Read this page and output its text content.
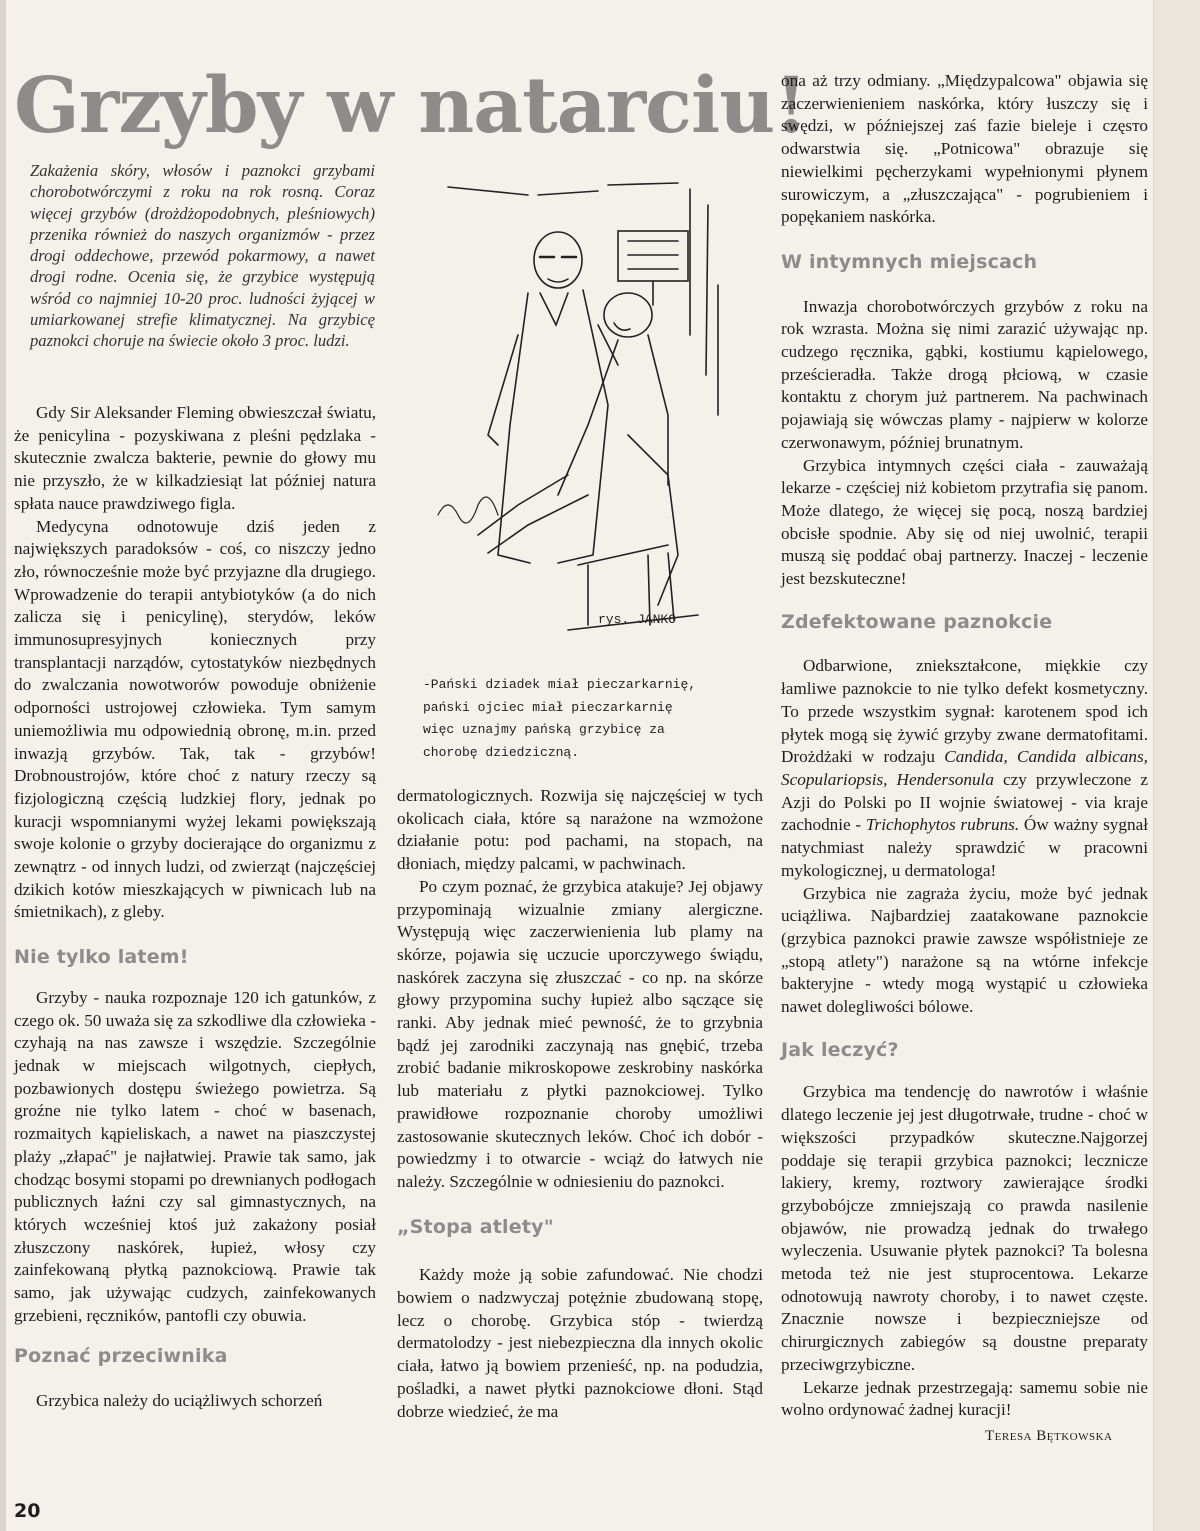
Grzyby w natarciu!

Zakażenia skóry, włosów i paznokci grzybami chorobotwórczymi z roku na rok rosną. Coraz więcej grzybów (drożdżopodobnych, pleśniowych) przenika również do naszych organizmów - przez drogi oddechowe, przewód pokarmowy, a nawet drogi rodne. Oceniа się, że grzybice występują wśród co najmniej 10-20 proc. ludności żyjącej w umiarkowanej strefie klimatycznej. Na grzybicę paznokci choruje na świecie około 3 proc. ludzi.

Gdy Sir Aleksander Fleming obwieszczał światu, że penicylina - pozyskiwana z pleśni pędzlaka - skutecznie zwalcza bakterie, pewnie do głowy mu nie przyszło, że w kilkadziesiąt lat później natura spłata nauce prawdziwego figla.

Medycyna odnotowuje dziś jeden z największych paradoksów - coś, co niszczy jedno zło, równocześnie może być przyjazne dla drugiego. Wprowadzenie do terapii antybiotyków (a do nich zalicza się i penicylinę), sterydów, leków immunosupresyjnych koniecznych przy transplantacji narządów, cytostatyków niezbędnych do zwalczania nowotworów powoduje obniżenie odporności ustrojowej człowieka. Tym samym uniemożliwia mu odpowiednią obronę, m.in. przed inwazją grzybów. Tak, tak - grzybów! Drobnoustrojów, które choć z natury rzeczy są fizjologiczną częścią ludzkiej flory, jednak po kuracji wspomnianymi wyżej lekami powiększają swoje kolonie o grzyby docierające do organizmu z zewnątrz - od innych ludzi, od zwierząt (najczęściej dzikich kotów mieszkających w piwnicach lub na śmietnikach), z gleby.

Nie tylko latem!

Grzyby - nauka rozpoznaje 120 ich gatunków, z czego ok. 50 uważa się za szkodliwe dla człowieka - czyhają na nas zawsze i wszędzie. Szczególnie jednak w miejscach wilgotnych, ciepłych, pozbawionych dostępu świeżego powietrza. Są groźne nie tylko latem - choć w basenach, rozmaitych kąpieliskach, a nawet na piaszczystej plaży „złapać" je najłatwiej. Prawie tak samo, jak chodząc bosymi stopami po drewnianych podłogach publicznych łaźni czy sal gimnastycznych, na których wcześniej ktoś już zakażony posiał złuszczony naskórek, łupież, włosy czy zainfekowaną płytką paznokciową. Prawie tak samo, jak używając cudzych, zainfekowanych grzebieni, ręczników, pantofli czy obuwia.

Poznać przeciwnika

Grzybica należy do uciążliwych schorzeń

rys. JANKO
-Pański dziadek miał pieczarkarnię,
pański ojciec miał pieczarkarnię
więc uznajmy pańską grzybicę za
chorobę dziedziczną.

dermatologicznych. Rozwija się najczęściej w tych okolicach ciała, które są narażone na wzmożone działanie potu: pod pachami, na stopach, na dłoniach, między palcami, w pachwinach.

Po czym poznać, że grzybica atakuje? Jej objawy przypominają wizualnie zmiany alergiczne. Występują więc zaczerwienienia lub plamy na skórze, pojawia się uczucie uporczywego świądu, naskórek zaczyna się złuszczać - co np. na skórze głowy przypomina suchy łupież albo sączące się ranki. Aby jednak mieć pewność, że to grzybnia bądź jej zarodniki zaczynają nas gnębić, trzeba zrobić badanie mikroskopowe zeskrobiny naskórka lub materiału z płytki paznokciowej. Tylko prawidłowe rozpoznanie choroby umożliwi zastosowanie skutecznych leków. Choć ich dobór - powiedzmy i to otwarcie - wciąż do łatwych nie należy. Szczególnie w odniesieniu do paznokci.

„Stopa atlety"

Każdy może ją sobie zafundować. Nie chodzi bowiem o nadzwyczaj potężnie zbudowaną stopę, lecz o chorobę. Grzybica stóp - twierdzą dermatolodzy - jest niebezpieczna dla innych okolic ciała, łatwo ją bowiem przenieść, np. na podudzia, pośladki, a nawet płytki paznokciowe dłoni. Stąd dobrze wiedzieć, że ma

ona aż trzy odmiany. „Międzypalcowa" objawia się zaczerwienieniem naskórka, który łuszczy się i swędzi, w późniejszej zaś fazie bieleje i częsто odwarstwia się. „Potnicowa" obrazuje się niewielkimi pęcherzykami wypełnionymi płynem surowiczym, a „złuszczająca" - pogrubieniem i popękaniem naskórka.

W intymnych miejscach

Inwazja chorobotwórczych grzybów z roku na rok wzrasta. Można się nimi zarazić używając np. cudzego ręcznika, gąbki, kostiumu kąpielowego, prześcieradła. Także drogą płciową, w czasie kontaktu z chorym już partnerem. Na pachwinach pojawiają się wówczas plamy - najpierw w kolorze czerwonawym, później brunatnym.

Grzybica intymnych części ciała - zauważają lekarze - częściej niż kobietom przytrafia się panom. Może dlatego, że więcej się pocą, noszą bardziej obcisłe spodnie. Aby się od niej uwolnić, terapii muszą się poddać obaj partnerzy. Inaczej - leczenie jest bezskuteczne!

Zdefektowane paznokcie

Odbarwione, zniekształcone, miękkie czy łamliwe paznokcie to nie tylko defekt kosmetyczny. To przede wszystkim sygnał: karotenem spod ich płytek mogą się żywić grzyby zwane dermatofitami. Drożdżaki w rodzaju Candida, Candida albicans, Scopulariopsis, Hendersonula czy przywleczone z Azji do Polski po II wojnie światowej - via kraje zachodnie - Trichophytos rubruns. Ów ważny sygnał natychmiast należy sprawdzić w pracowni mykologicznej, u dermatologa!

Grzybica nie zagraża życiu, może być jednak uciążliwa. Najbardziej zaatakowane paznokcie (grzybica paznokci prawie zawsze współistnieje ze „stopą atlety") narażone są na wtórne infekcje bakteryjne - wtedy mogą wystąpić u człowieka nawet dolegliwości bólowe.

Jak leczyć?

Grzybica ma tendencję do nawrotów i właśnie dlatego leczenie jej jest długotrwałe, trudne - choć w większości przypadków skuteczne.Najgorzej poddaje się terapii grzybica paznokci; lecznicze lakiery, kremy, roztwory zawierające środki grzybobójcze zmniejszają co prawda nasilenie objawów, nie prowadzą jednak do trwałego wyleczenia. Usuwanie płytek paznokci? Ta bolesna metoda też nie jest stuprocentowa. Lekarze odnotowują nawroty choroby, i to nawet częste. Znacznie nowsze i bezpieczniejsze od chirurgicznych zabiegów są doustne preparaty przeciwgrzybiczne.

Lekarze jednak przestrzegają: samemu sobie nie wolno ordynować żadnej kuracji!

Teresa Bętkowska
20
